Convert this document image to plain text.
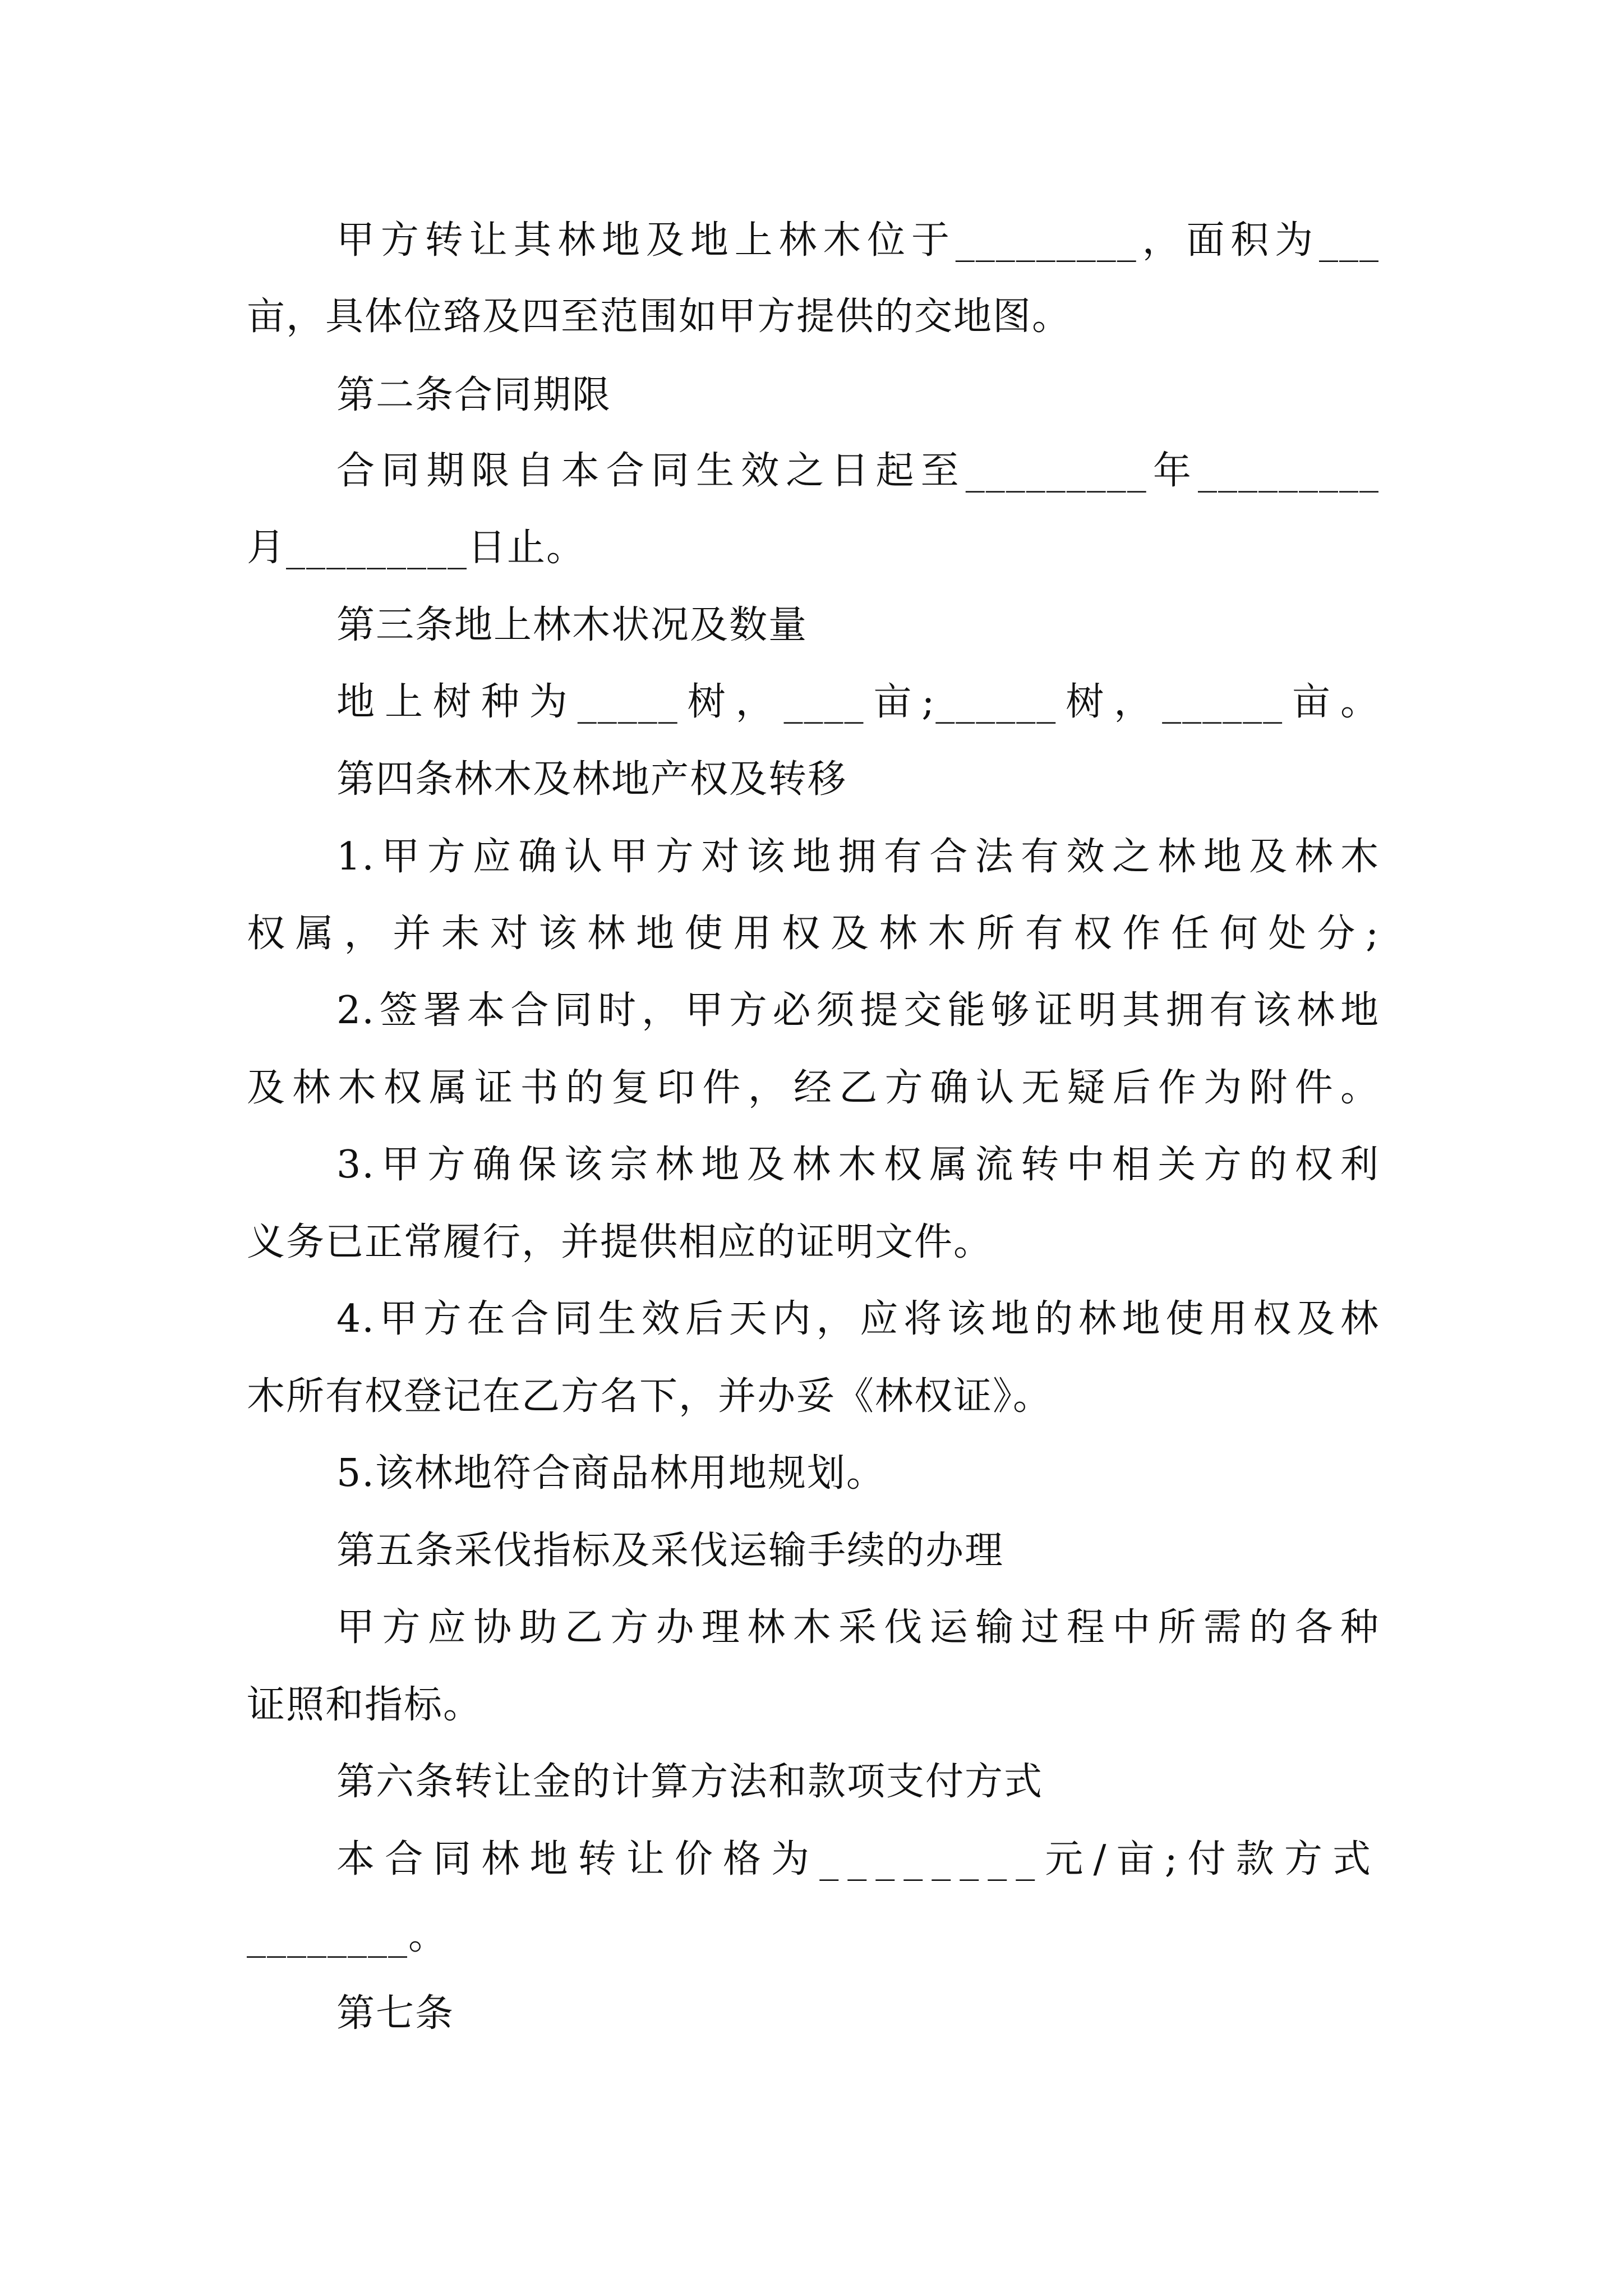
甲方转让其林地及地上林木位于_________，面积为___
亩，具体位臵及四至范围如甲方提供的交地图。
第二条合同期限
合同期限自本合同生效之日起至_________年_________
月_________日止。
第三条地上林木状况及数量
地上树种为_____树，____亩;______树，______亩。
第四条林木及林地产权及转移
1.甲方应确认甲方对该地拥有合法有效之林地及林木
权属，并未对该林地使用权及林木所有权作任何处分;
2.签署本合同时，甲方必须提交能够证明其拥有该林地
及林木权属证书的复印件，经乙方确认无疑后作为附件。
3.甲方确保该宗林地及林木权属流转中相关方的权利
义务已正常履行，并提供相应的证明文件。
4.甲方在合同生效后天内，应将该地的林地使用权及林
木所有权登记在乙方名下，并办妥《林权证》。
5.该林地符合商品林用地规划。
第五条采伐指标及采伐运输手续的办理
甲方应协助乙方办理林木采伐运输过程中所需的各种
证照和指标。
第六条转让金的计算方法和款项支付方式
本合同林地转让价格为________元/亩;付款方式
________。
第七条
